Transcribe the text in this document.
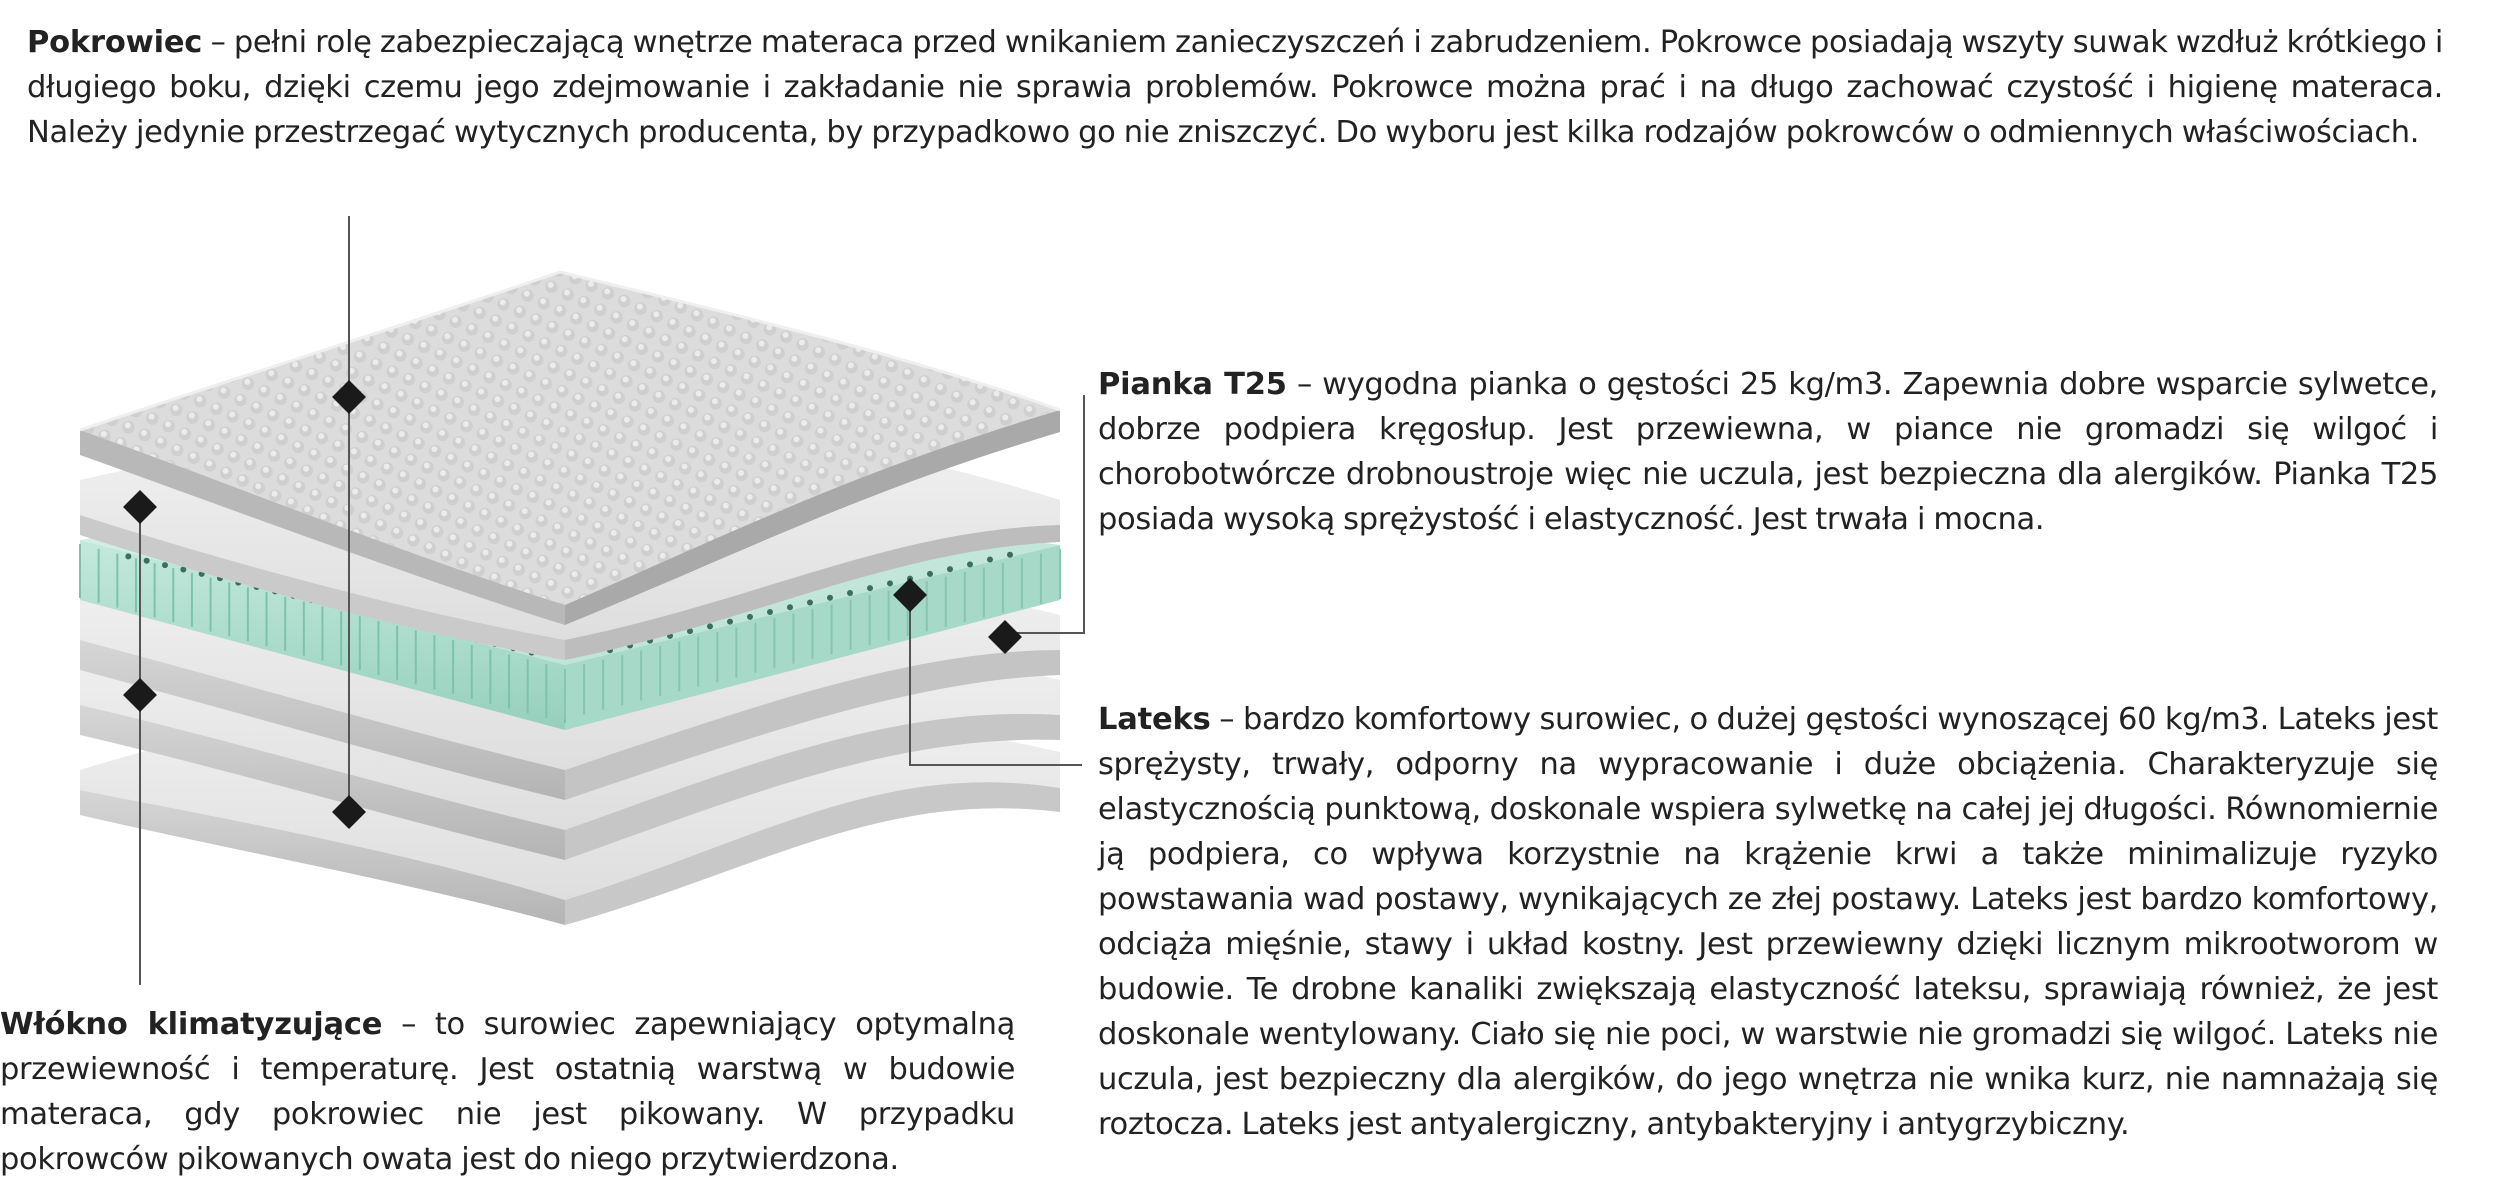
Pokrowiec – pełni rolę zabezpieczającą wnętrze materaca przed wnikaniem zanieczyszczeń i zabrudzeniem. Pokrowce posiadają wszyty suwak wzdłuż krótkiego i długiego boku, dzięki czemu jego zdejmowanie i zakładanie nie sprawia problemów. Pokrowce można prać i na długo zachować czystość i higienę materaca. Należy jedynie przestrzegać wytycznych producenta, by przypadkowo go nie zniszczyć. Do wyboru jest kilka rodzajów pokrowców o odmiennych właściwościach.

Pianka T25 – wygodna pianka o gęstości 25 kg/m3. Zapewnia dobre wsparcie sylwetce, dobrze podpiera kręgosłup. Jest przewiewna, w piance nie gromadzi się wilgoć i chorobotwórcze drobnoustroje więc nie uczula, jest bezpieczna dla alergików. Pianka T25 posiada wysoką sprężystość i elastyczność. Jest trwała i mocna.

Lateks – bardzo komfortowy surowiec, o dużej gęstości wynoszącej 60 kg/m3. Lateks jest sprężysty, trwały, odporny na wypracowanie i duże obciążenia. Charakteryzuje się elastycznością punktową, doskonale wspiera sylwetkę na całej jej długości. Równomiernie ją podpiera, co wpływa korzystnie na krążenie krwi a także minimalizuje ryzyko powstawania wad postawy, wynikających ze złej postawy. Lateks jest bardzo komfortowy, odciąża mięśnie, stawy i układ kostny. Jest przewiewny dzięki licznym mikrootworom w budowie. Te drobne kanaliki zwiększają elastyczność lateksu, sprawiają również, że jest doskonale wentylowany. Ciało się nie poci, w warstwie nie gromadzi się wilgoć. Lateks nie uczula, jest bezpieczny dla alergików, do jego wnętrza nie wnika kurz, nie namnażają się roztocza. Lateks jest antyalergiczny, antybakteryjny i antygrzybiczny.

Włókno klimatyzujące – to surowiec zapewniający optymalną przewiewność i temperaturę. Jest ostatnią warstwą w budowie materaca, gdy pokrowiec nie jest pikowany. W przypadku pokrowców pikowanych owata jest do niego przytwierdzona.
